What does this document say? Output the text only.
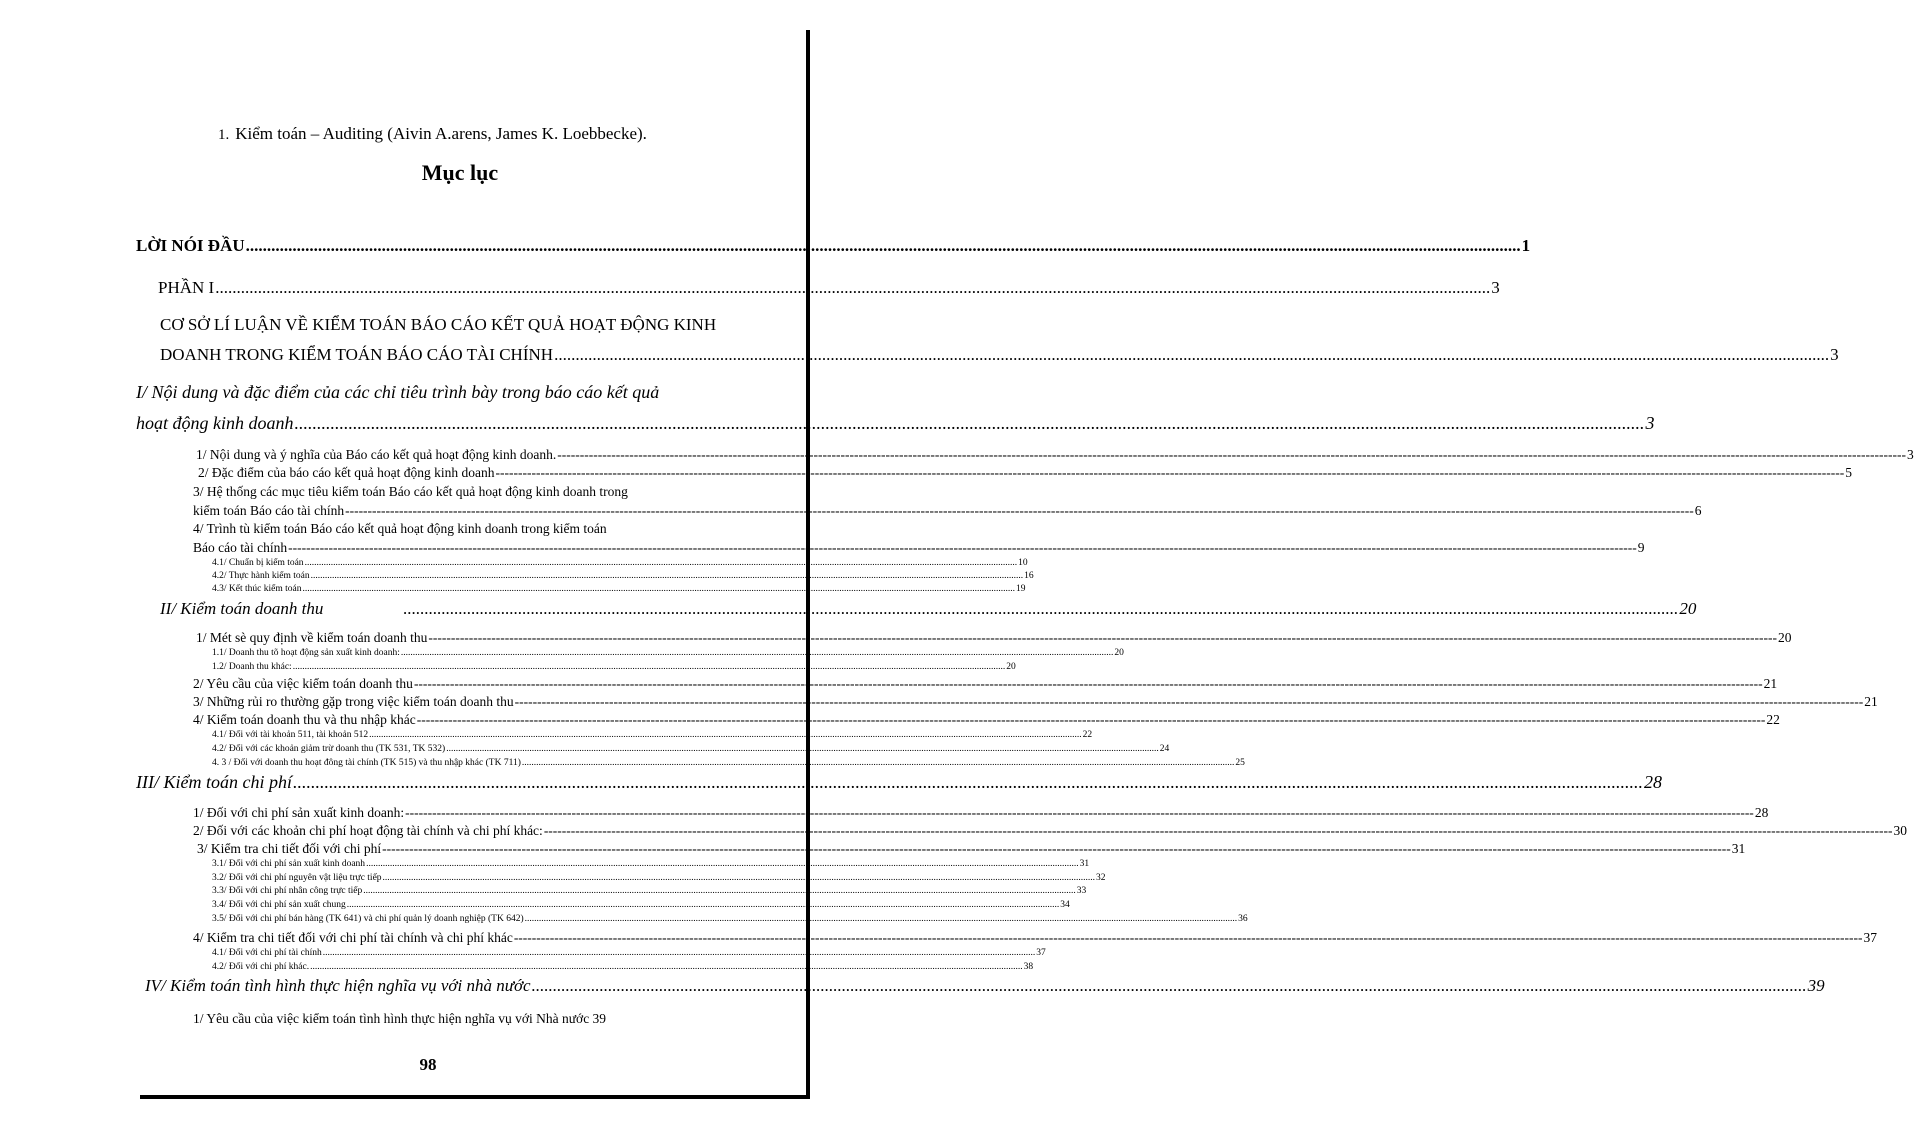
1. Kiểm toán – Auditing (Aivin A.arens, James K. Loebbecke).
Mục lục
LỜI NÓI ĐẦU ............................................................................................................................................................................................................................................................................................................ 1
PHẦN I ............................................................................................................................................................................................................................................................................................................ 3
CƠ SỞ LÍ LUẬN VỀ KIỂM TOÁN BÁO CÁO KẾT QUẢ HOẠT ĐỘNG KINH
DOANH TRONG KIỂM TOÁN BÁO CÁO TÀI CHÍNH ............................................................................................................................................................................................................................................................................................................ 3
I/ Nội dung và đặc điểm của các chỉ tiêu trình bày trong báo cáo kết quả
hoạt động kinh doanh ............................................................................................................................................................................................................................................................................................................ 3
1/ Nội dung và ý nghĩa của Báo cáo kết quả hoạt động kinh doanh. ------------------------------------------------------------------------------------------------------------------------------------------------------------------------------------------------------------------------------------------------------------------------------------------------------------ 3
2/ Đặc điểm của báo cáo kết quả hoạt động kinh doanh ------------------------------------------------------------------------------------------------------------------------------------------------------------------------------------------------------------------------------------------------------------------------------------------------------------ 5
3/ Hệ thống các mục tiêu kiểm toán Báo cáo kết quả hoạt động kinh doanh trong
kiểm toán Báo cáo tài chính ------------------------------------------------------------------------------------------------------------------------------------------------------------------------------------------------------------------------------------------------------------------------------------------------------------ 6
4/ Trình tù kiểm toán Báo cáo kết quả hoạt động kinh doanh trong kiểm toán
Báo cáo tài chính ------------------------------------------------------------------------------------------------------------------------------------------------------------------------------------------------------------------------------------------------------------------------------------------------------------ 9
4.1/ Chuẩn bị kiểm toán ............................................................................................................................................................................................................................................................................................................ 10
4.2/ Thực hành kiểm toán ............................................................................................................................................................................................................................................................................................................ 16
4.3/ Kết thúc kiểm toán ............................................................................................................................................................................................................................................................................................................ 19
II/ Kiểm toán doanh thu	............................................................................................................................................................................................................................................................................................................ 20
1/ Mét sè quy định về kiểm toán doanh thu ------------------------------------------------------------------------------------------------------------------------------------------------------------------------------------------------------------------------------------------------------------------------------------------------------------ 20
1.1/ Doanh thu tõ hoạt động sản xuất kinh doanh: ............................................................................................................................................................................................................................................................................................................ 20
1.2/ Doanh thu khác: ............................................................................................................................................................................................................................................................................................................ 20
2/ Yêu cầu của việc kiểm toán doanh thu ------------------------------------------------------------------------------------------------------------------------------------------------------------------------------------------------------------------------------------------------------------------------------------------------------------ 21
3/ Những rủi ro thường gặp trong việc kiểm toán doanh thu ------------------------------------------------------------------------------------------------------------------------------------------------------------------------------------------------------------------------------------------------------------------------------------------------------------ 21
4/ Kiểm toán doanh thu và thu nhập khác ------------------------------------------------------------------------------------------------------------------------------------------------------------------------------------------------------------------------------------------------------------------------------------------------------------ 22
4.1/ Đối với tài khoản 511, tài khoản 512 ............................................................................................................................................................................................................................................................................................................ 22
4.2/ Đối với các khoản giảm trừ doanh thu (TK 531, TK 532) ............................................................................................................................................................................................................................................................................................................ 24
4. 3 / Đối với doanh thu hoạt đông tài chính (TK 515) và thu nhập khác (TK 711) ............................................................................................................................................................................................................................................................................................................ 25
III/ Kiểm toán chi phí ............................................................................................................................................................................................................................................................................................................ 28
1/ Đối với chi phí sản xuất kinh doanh: ------------------------------------------------------------------------------------------------------------------------------------------------------------------------------------------------------------------------------------------------------------------------------------------------------------ 28
2/ Đối với các khoản chi phí hoạt động tài chính và chi phí khác: ------------------------------------------------------------------------------------------------------------------------------------------------------------------------------------------------------------------------------------------------------------------------------------------------------------ 30
3/ Kiểm tra chi tiết đối với chi phí ------------------------------------------------------------------------------------------------------------------------------------------------------------------------------------------------------------------------------------------------------------------------------------------------------------ 31
3.1/ Đối với chi phí sản xuất kinh doanh ............................................................................................................................................................................................................................................................................................................ 31
3.2/ Đối với chi phí nguyên vật liệu trực tiếp ............................................................................................................................................................................................................................................................................................................ 32
3.3/ Đối với chi phí nhân công trực tiếp ............................................................................................................................................................................................................................................................................................................ 33
3.4/ Đối với chi phí sản xuất chung ............................................................................................................................................................................................................................................................................................................ 34
3.5/ Đối với chi phí bán hàng (TK 641) và chi phí quản lý doanh nghiệp (TK 642) ............................................................................................................................................................................................................................................................................................................ 36
4/ Kiểm tra chi tiết đối với chi phí tài chính và chi phí khác ------------------------------------------------------------------------------------------------------------------------------------------------------------------------------------------------------------------------------------------------------------------------------------------------------------ 37
4.1/ Đối với chi phí tài chính ............................................................................................................................................................................................................................................................................................................ 37
4.2/ Đối với chi phí khác. ............................................................................................................................................................................................................................................................................................................ 38
IV/ Kiểm toán tình hình thực hiện nghĩa vụ với nhà nước ............................................................................................................................................................................................................................................................................................................ 39
1/ Yêu cầu của việc kiểm toán tình hình thực hiện nghĩa vụ với Nhà nước 39
98
